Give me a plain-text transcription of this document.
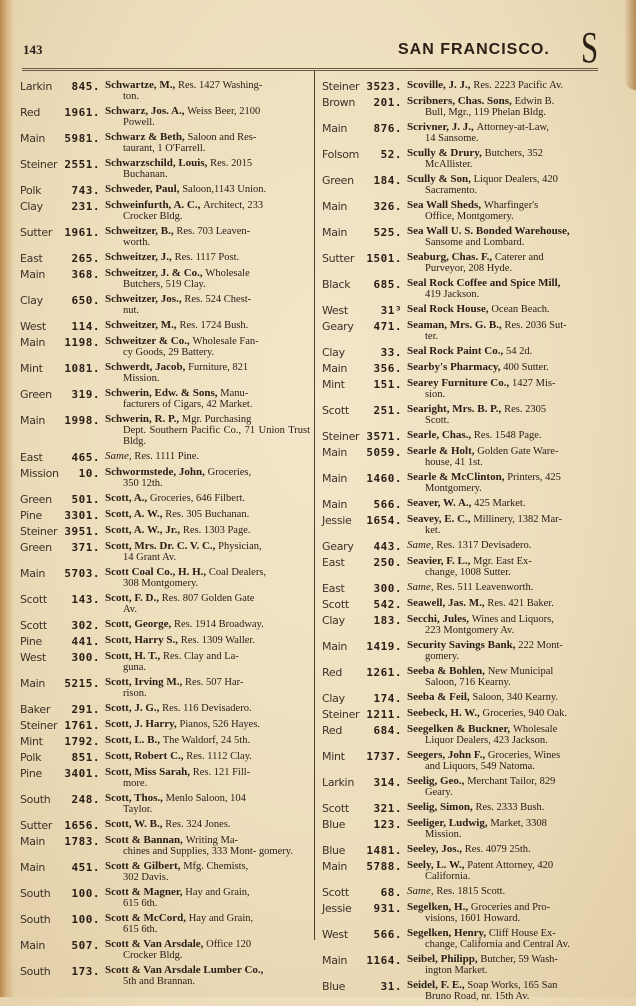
143	SAN FRANCISCO. S
Larkin	845. Schwartze, M., Res. 1427 Washing-
ton.
Red	1961. Schwarz, Jos. A., Weiss Beer, 2100
Powell.
Main	5981. Schwarz & Beth, Saloon and Res-
taurant, 1 O'Farrell.
Steiner 2551. Schwarzschild, Louis, Res. 2015
Buchanan.
Polk	743. Schweder, Paul, Saloon,1143 Union.
Clay	231. Schweinfurth, A. C., Architect, 233
Crocker Bldg.
Sutter	1961. Schweitzer, B., Res. 703 Leaven-
worth.
East	265. Schweitzer, J., Res. 1117 Post.
Main	368. Schweitzer, J. & Co., Wholesale
Butchers, 519 Clay.
Clay	650. Schweitzer, Jos., Res. 524 Chest-
nut.
West	114. Schweitzer, M., Res. 1724 Bush.
Main	1198. Schweitzer & Co., Wholesale Fan-
cy Goods, 29 Battery.
Mint	1081. Schwerdt, Jacob, Furniture, 821
Mission.
Green	319. Schwerin, Edw. & Sons, Manu-
facturers of Cigars, 42 Market.
Main	1998. Schwerin, R. P., Mgr. Purchasing
Dept. Southern Pacific Co., 71 Union Trust Bldg.
East	465. Same, Res. 1111 Pine.
Mission	10. Schwormstede, John, Groceries,
350 12th.
Green	501. Scott, A., Groceries, 646 Filbert.
Pine	3301. Scott, A. W., Res. 305 Buchanan.
Steiner 3951. Scott, A. W., Jr., Res. 1303 Page.
Green	371. Scott, Mrs. Dr. C. V. C., Physician,
14 Grant Av.
Main	5703. Scott Coal Co., H. H., Coal Dealers,
308 Montgomery.
Scott	143. Scott, F. D., Res. 807 Golden Gate
Av.
Scott	302. Scott, George, Res. 1914 Broadway.
Pine	441. Scott, Harry S., Res. 1309 Waller.
West	300. Scott, H. T., Res. Clay and La-
guna.
Main	5215. Scott, Irving M., Res. 507 Har-
rison.
Baker	291. Scott, J. G., Res. 116 Devisadero.
Steiner 1761. Scott, J. Harry, Pianos, 526 Hayes.
Mint	1792. Scott, L. B., The Waldorf, 24 5th.
Polk	851. Scott, Robert C., Res. 1112 Clay.
Pine	3401. Scott, Miss Sarah, Res. 121 Fill-
more.
South	248. Scott, Thos., Menlo Saloon, 104
Taylor.
Sutter	1656. Scott, W. B., Res. 324 Jones.
Main	1783. Scott & Bannan, Writing Ma-
chines and Supplies, 333 Mont- gomery.
Main	451. Scott & Gilbert, Mfg. Chemists,
302 Davis.
South	100. Scott & Magner, Hay and Grain,
615 6th.
South	100. Scott & McCord, Hay and Grain,
615 6th.
Main	507. Scott & Van Arsdale, Office 120
Crocker Bldg.
South	173. Scott & Van Arsdale Lumber Co.,
5th and Brannan.
Steiner 3523. Scoville, J. J., Res. 2223 Pacific Av.
Brown	201. Scribners, Chas. Sons, Edwin B.
Bull, Mgr., 119 Phelan Bldg.
Main	876. Scrivner, J. J., Attorney-at-Law,
14 Sansome.
Folsom	52. Scully & Drury, Butchers, 352
McAllister.
Green	184. Scully & Son, Liquor Dealers, 420
Sacramento.
Main	326. Sea Wall Sheds, Wharfinger's
Office, Montgomery.
Main	525. Sea Wall U. S. Bonded Warehouse,
Sansome and Lombard.
Sutter	1501. Seaburg, Chas. F., Caterer and
Purveyor, 208 Hyde.
Black	685. Seal Rock Coffee and Spice Mill,
419 Jackson.
West	31³ Seal Rock House, Ocean Beach.
Geary	471. Seaman, Mrs. G. B., Res. 2036 Sut-
ter.
Clay	33. Seal Rock Paint Co., 54 2d.
Main	356. Searby's Pharmacy, 400 Sutter.
Mint	151. Searey Furniture Co., 1427 Mis-
sion.
Scott	251. Searight, Mrs. B. P., Res. 2305
Scott.
Steiner 3571. Searle, Chas., Res. 1548 Page.
Main	5059. Searle & Holt, Golden Gate Ware-
house, 41 1st.
Main	1460. Searle & McClinton, Printers, 425
Montgomery.
Main	566. Seaver, W. A., 425 Market.
Jessie	1654. Seavey, E. C., Millinery, 1382 Mar-
ket.
Geary	443. Same, Res. 1317 Devisadero.
East	250. Seavier, F. L., Mgr. East Ex-
change, 1008 Sutter.
East	300. Same, Res. 511 Leavenworth.
Scott	542. Seawell, Jas. M., Res. 421 Baker.
Clay	183. Secchi, Jules, Wines and Liquors,
223 Montgomery Av.
Main	1419. Security Savings Bank, 222 Mont-
gomery.
Red	1261. Seeba & Bohlen, New Municipal
Saloon, 716 Kearny.
Clay	174. Seeba & Feil, Saloon, 340 Kearny.
Steiner 1211. Seebeck, H. W., Groceries, 940 Oak.
Red	684. Seegelken & Buckner, Wholesale
Liquor Dealers, 423 Jackson.
Mint	1737. Seegers, John F., Groceries, Wines
and Liquors, 549 Natoma.
Larkin	314. Seelig, Geo., Merchant Tailor, 829
Geary.
Scott	321. Seelig, Simon, Res. 2333 Bush.
Blue	123. Seeliger, Ludwig, Market, 3308
Mission.
Blue	1481. Seeley, Jos., Res. 4079 25th.
Main	5788. Seely, L. W., Patent Attorney, 420
California.
Scott	68. Same, Res. 1815 Scott.
Jessie	931. Segelken, H., Groceries and Pro-
visions, 1601 Howard.
West	566. Segelken, Henry, Cliff House Ex-
change, California and Central Av.
Main	1164. Seibel, Philipp, Butcher, 59 Wash-
ington Market.
Blue	31. Seidel, F. E., Soap Works, 165 San
Bruno Road, nr. 15th Av.
